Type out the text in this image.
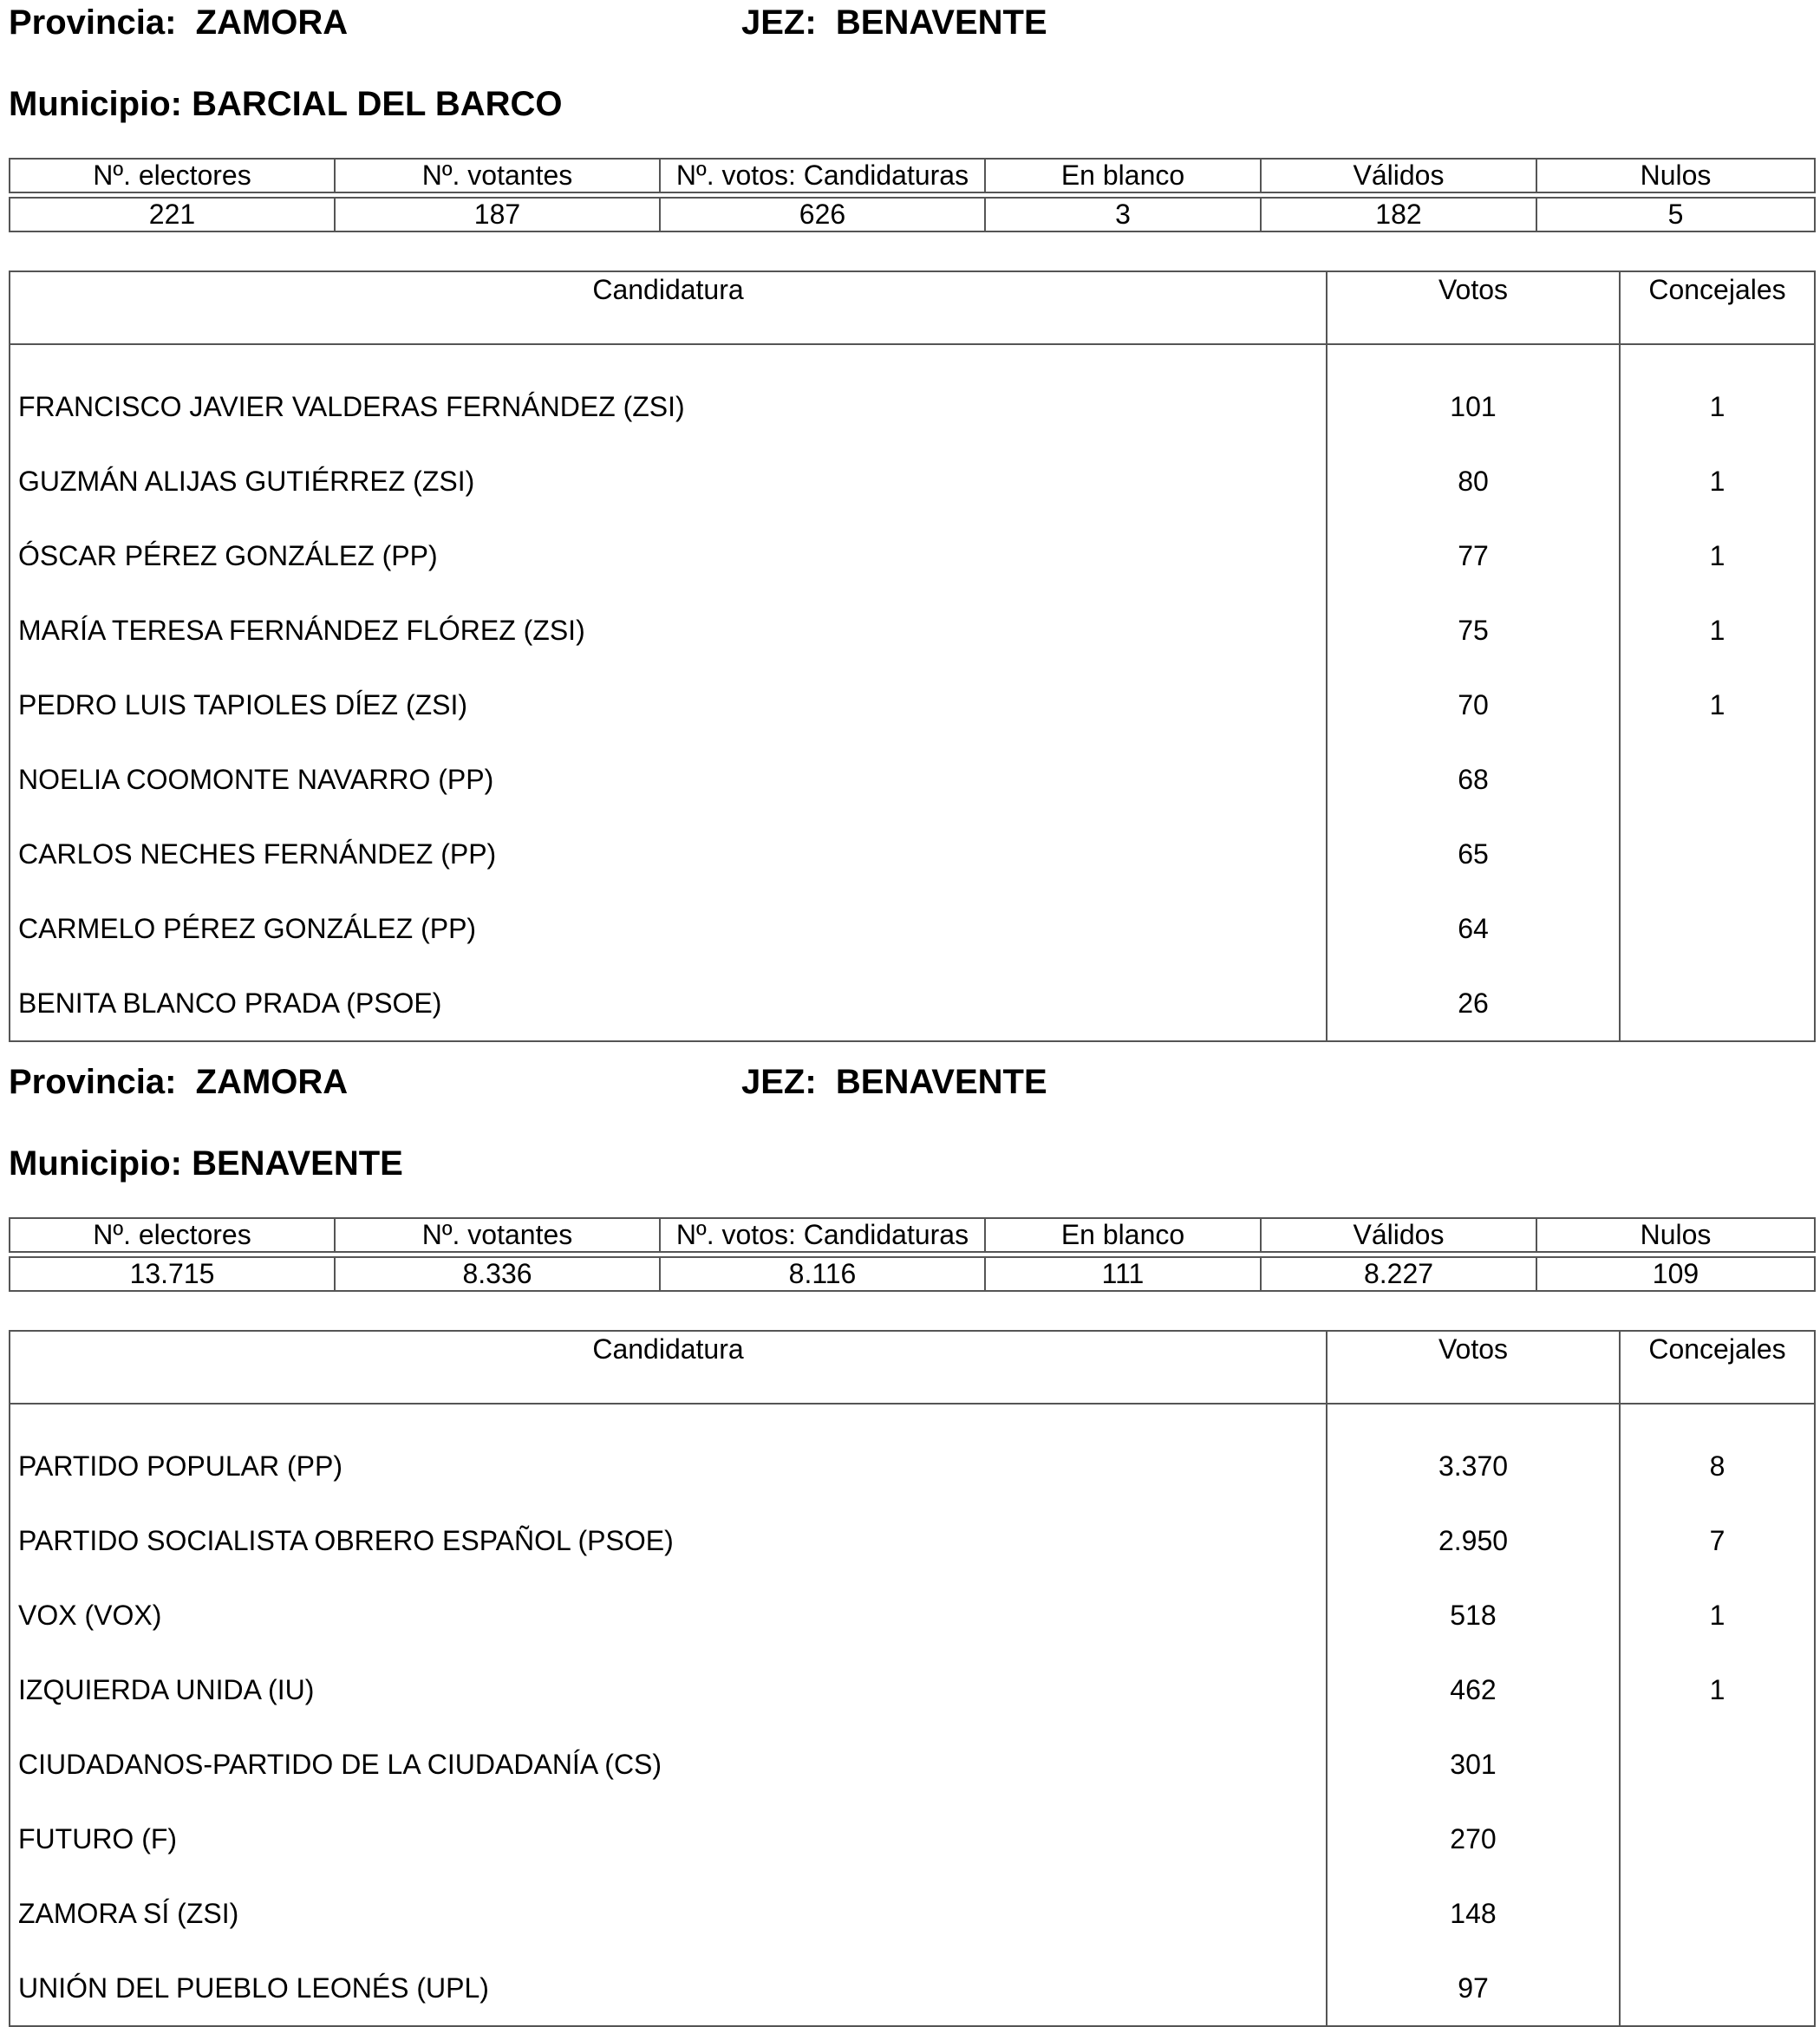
Provincia: ZAMORA	JEZ: BENAVENTE
Municipio: BARCIAL DEL BARCO
Nº. electores	Nº. votantes	Nº. votos: Candidaturas	En blanco	Válidos	Nulos

221	187	626	3	182	5
Candidatura	Votos	Concejales
FRANCISCO JAVIER VALDERAS FERNÁNDEZ (ZSI)	101	1
GUZMÁN ALIJAS GUTIÉRREZ (ZSI)	80	1
ÓSCAR PÉREZ GONZÁLEZ (PP)	77	1
MARÍA TERESA FERNÁNDEZ FLÓREZ (ZSI)	75	1
PEDRO LUIS TAPIOLES DÍEZ (ZSI)	70	1
NOELIA COOMONTE NAVARRO (PP)	68	
CARLOS NECHES FERNÁNDEZ (PP)	65	
CARMELO PÉREZ GONZÁLEZ (PP)	64	
BENITA BLANCO PRADA (PSOE)	26	
Provincia: ZAMORA	JEZ: BENAVENTE
Municipio: BENAVENTE
Nº. electores	Nº. votantes	Nº. votos: Candidaturas	En blanco	Válidos	Nulos

13.715	8.336	8.116	111	8.227	109
Candidatura	Votos	Concejales
PARTIDO POPULAR (PP)	3.370	8
PARTIDO SOCIALISTA OBRERO ESPAÑOL (PSOE)	2.950	7
VOX (VOX)	518	1
IZQUIERDA UNIDA (IU)	462	1
CIUDADANOS-PARTIDO DE LA CIUDADANÍA (CS)	301	
FUTURO (F)	270	
ZAMORA SÍ (ZSI)	148	
UNIÓN DEL PUEBLO LEONÉS (UPL)	97	
